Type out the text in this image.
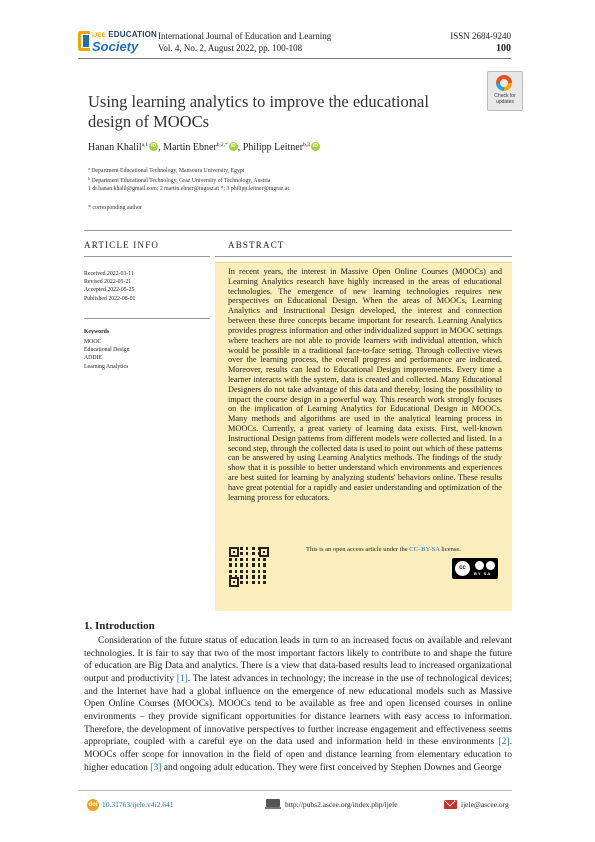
IJEE EDUCATION
Society
International Journal of Education and Learning
Vol. 4, No. 2, August 2022, pp. 100-108
ISSN 2684-9240
100
Check for
updates
Using learning analytics to improve the educational design of MOOCs
Hanan Khalil$^{a,1}$ iD , Martin Ebner$^{b,2,*}$ iD , Philipp Leitner$^{b,3}$ iD
$^a$ Department Educational Technology, Mansoura University, Egypt
$^b$ Department Educational Technology, Graz University of Technology, Austria
1 dr.hanan.khalil@gmail.com; 2 martin.ebner@tugraz.at *; 3 philipp.leitner@tugraz.at
* corresponding author
ARTICLE INFO	ABSTRACT
Received 2022-03-11
Revised 2022-05-21
Accepted 2022-05-25
Published 2022-08-01
Keywords
MOOC
Educational Design
ADDIE
Learning Analytics
In recent years, the interest in Massive Open Online Courses (MOOCs) and Learning Analytics research have highly increased in the areas of educational technologies. The emergence of new learning technologies requires new perspectives on Educational Design. When the areas of MOOCs, Learning Analytics and Instructional Design developed, the interest and connection between these three concepts became important for research. Learning Analytics provides progress information and other individualized support in MOOC settings where teachers are not able to provide learners with individual attention, which would be possible in a traditional face-to-face setting. Through collective views over the learning process, the overall progress and performance are indicated. Moreover, results can lead to Educational Design improvements. Every time a learner interacts with the system, data is created and collected. Many Educational Designers do not take advantage of this data and thereby, losing the possibility to impact the course design in a powerful way. This research work strongly focuses on the implication of Learning Analytics for Educational Design in MOOCs. Many methods and algorithms are used in the analytical learning process in MOOCs. Currently, a great variety of learning data exists. First, well-known Instructional Design patterns from different models were collected and listed. In a second step, through the collected data is used to point out which of these patterns can be answered by using Learning Analytics methods. The findings of the study show that it is possible to better understand which environments and experiences are best suited for learning by analyzing students' behaviors online. These results have great potential for a rapidly and easier understanding and optimization of the learning process for educators.
This is an open access article under the CC–BY-SA license.
cc
BY SA
1. Introduction
Consideration of the future status of education leads in turn to an increased focus on available and relevant technologies. It is fair to say that two of the most important factors likely to contribute to and shape the future of education are Big Data and analytics. There is a view that data-based results lead to increased organizational output and productivity [1]. The latest advances in technology; the increase in the use of technological devices; and the Internet have had a global influence on the emergence of new educational models such as Massive Open Online Courses (MOOCs). MOOCs tend to be available as free and open licensed courses in online environments – they provide significant opportunities for distance learners with easy access to information. Therefore, the development of innovative perspectives to further increase engagement and effectiveness seems appropriate, coupled with a careful eye on the data used and information held in these environments [2]. MOOCs offer scope for innovation in the field of open and distance learning from elementary education to higher education [3] and ongoing adult education. They were first conceived by Stephen Downes and George
doi 10.31763/ijele.v4i2.641	http://pubs2.ascee.org/index.php/ijele	ijele@ascee.org
